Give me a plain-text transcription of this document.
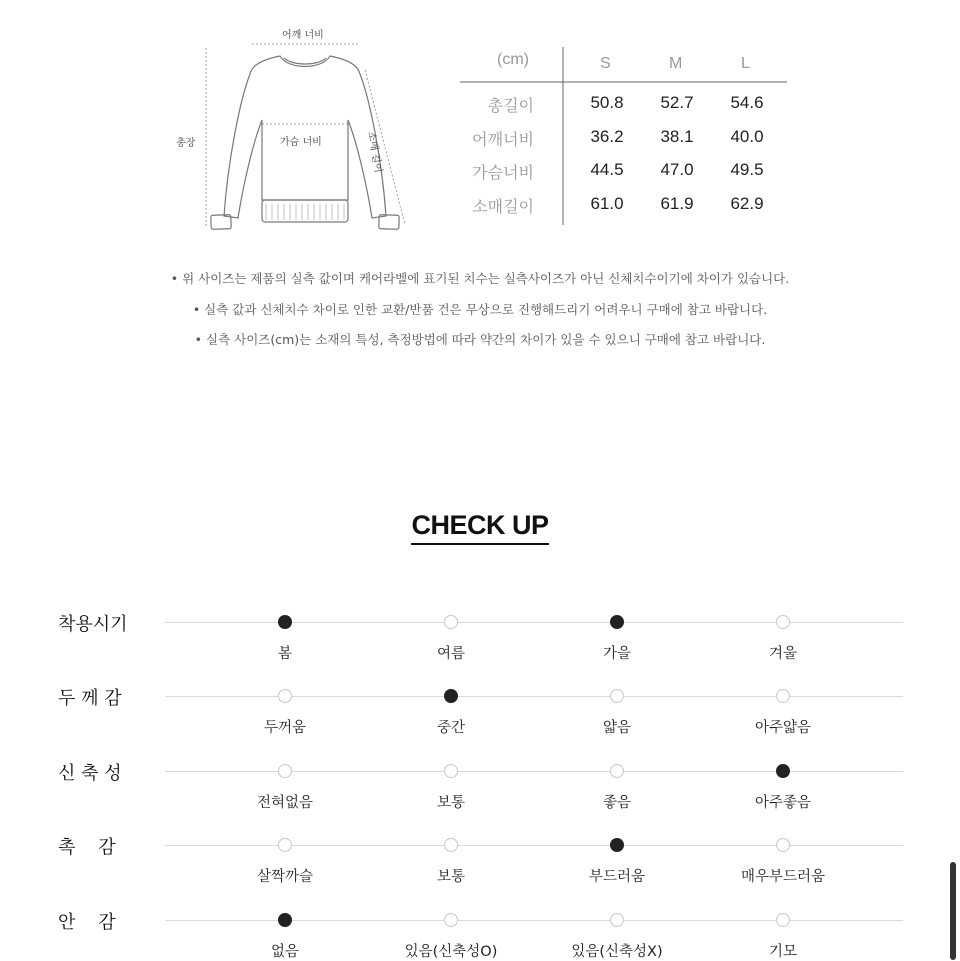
어깨 너비
총장	가슴 너비	소매 길이
(cm)	S	M	L
총길이	50.8	52.7	54.6
어깨너비	36.2	38.1	40.0
가슴너비	44.5	47.0	49.5
소매길이	61.0	61.9	62.9
• 위 사이즈는 제품의 실측 값이며 케어라벨에 표기된 치수는 실측사이즈가 아닌 신체치수이기에 차이가 있습니다.
• 실측 값과 신체치수 차이로 인한 교환/반품 건은 무상으로 진행해드리기 어려우니 구매에 참고 바랍니다.
• 실측 사이즈(cm)는 소재의 특성, 측정방법에 따라 약간의 차이가 있을 수 있으니 구매에 참고 바랍니다.
CHECK UP
착용시기
봄	여름	가을	겨울
두 께 감
두꺼움	중간	얇음	아주얇음
신 축 성
전혀없음	보통	좋음	아주좋음
촉    감
살짝까슬	보통	부드러움	매우부드러움
안    감
없음	있음(신축성O)	있음(신축성X)	기모
